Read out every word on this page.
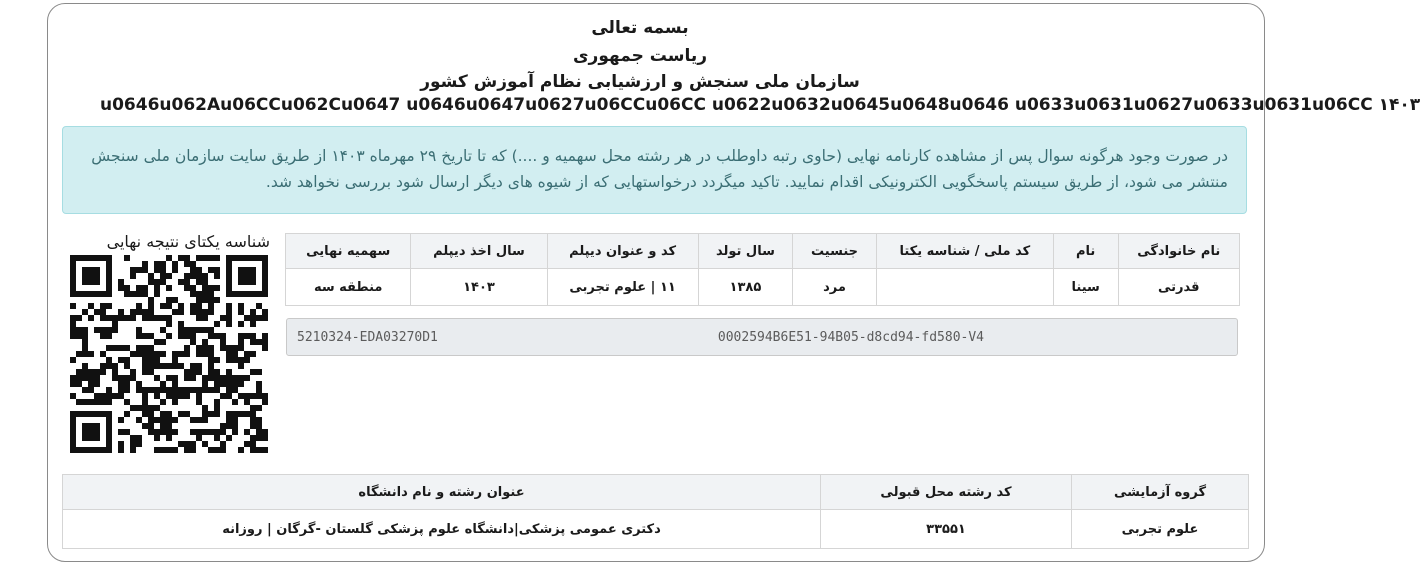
بسمه تعالی
ریاست جمهوری
سازمان ملی سنجش و ارزشیابی نظام آموزش کشور
u0646u062Au06CCu062Cu0647 u0646u0647u0627u06CCu06CC u0622u0632u0645u0648u0646 u0633u0631u0627u0633u0631u06CC ۱۴۰۳
در صورت وجود هرگونه سوال پس از مشاهده کارنامه نهایی (حاوی رتبه داوطلب در هر رشته محل سهمیه و ....) که تا تاریخ ۲۹ مهرماه ۱۴۰۳ از طریق سایت سازمان ملی سنجش منتشر می شود، از طریق سیستم پاسخگویی الکترونیکی اقدام نمایید. تاکید میگردد درخواستهایی که از شیوه های دیگر ارسال شود بررسی نخواهد شد.
شناسه یکتای نتیجه نهایی	نام خانوادگی	نام	کد ملی / شناسه یکتا	جنسیت	سال تولد	کد و عنوان دیپلم	سال اخذ دیپلم	سهمیه نهایی
قدرتی	سینا		مرد	۱۳۸۵	۱۱ | علوم تجربی	۱۴۰۳	منطقه سه
5210324-EDA03270D1	0002594B6E51-94B05-d8cd94-fd580-V4
گروه آزمایشی	کد رشته محل قبولی	عنوان رشته و نام دانشگاه
علوم تجربی	۳۳۵۵۱	دکتری عمومی پزشکی|دانشگاه علوم پزشکی گلستان -گرگان | روزانه
